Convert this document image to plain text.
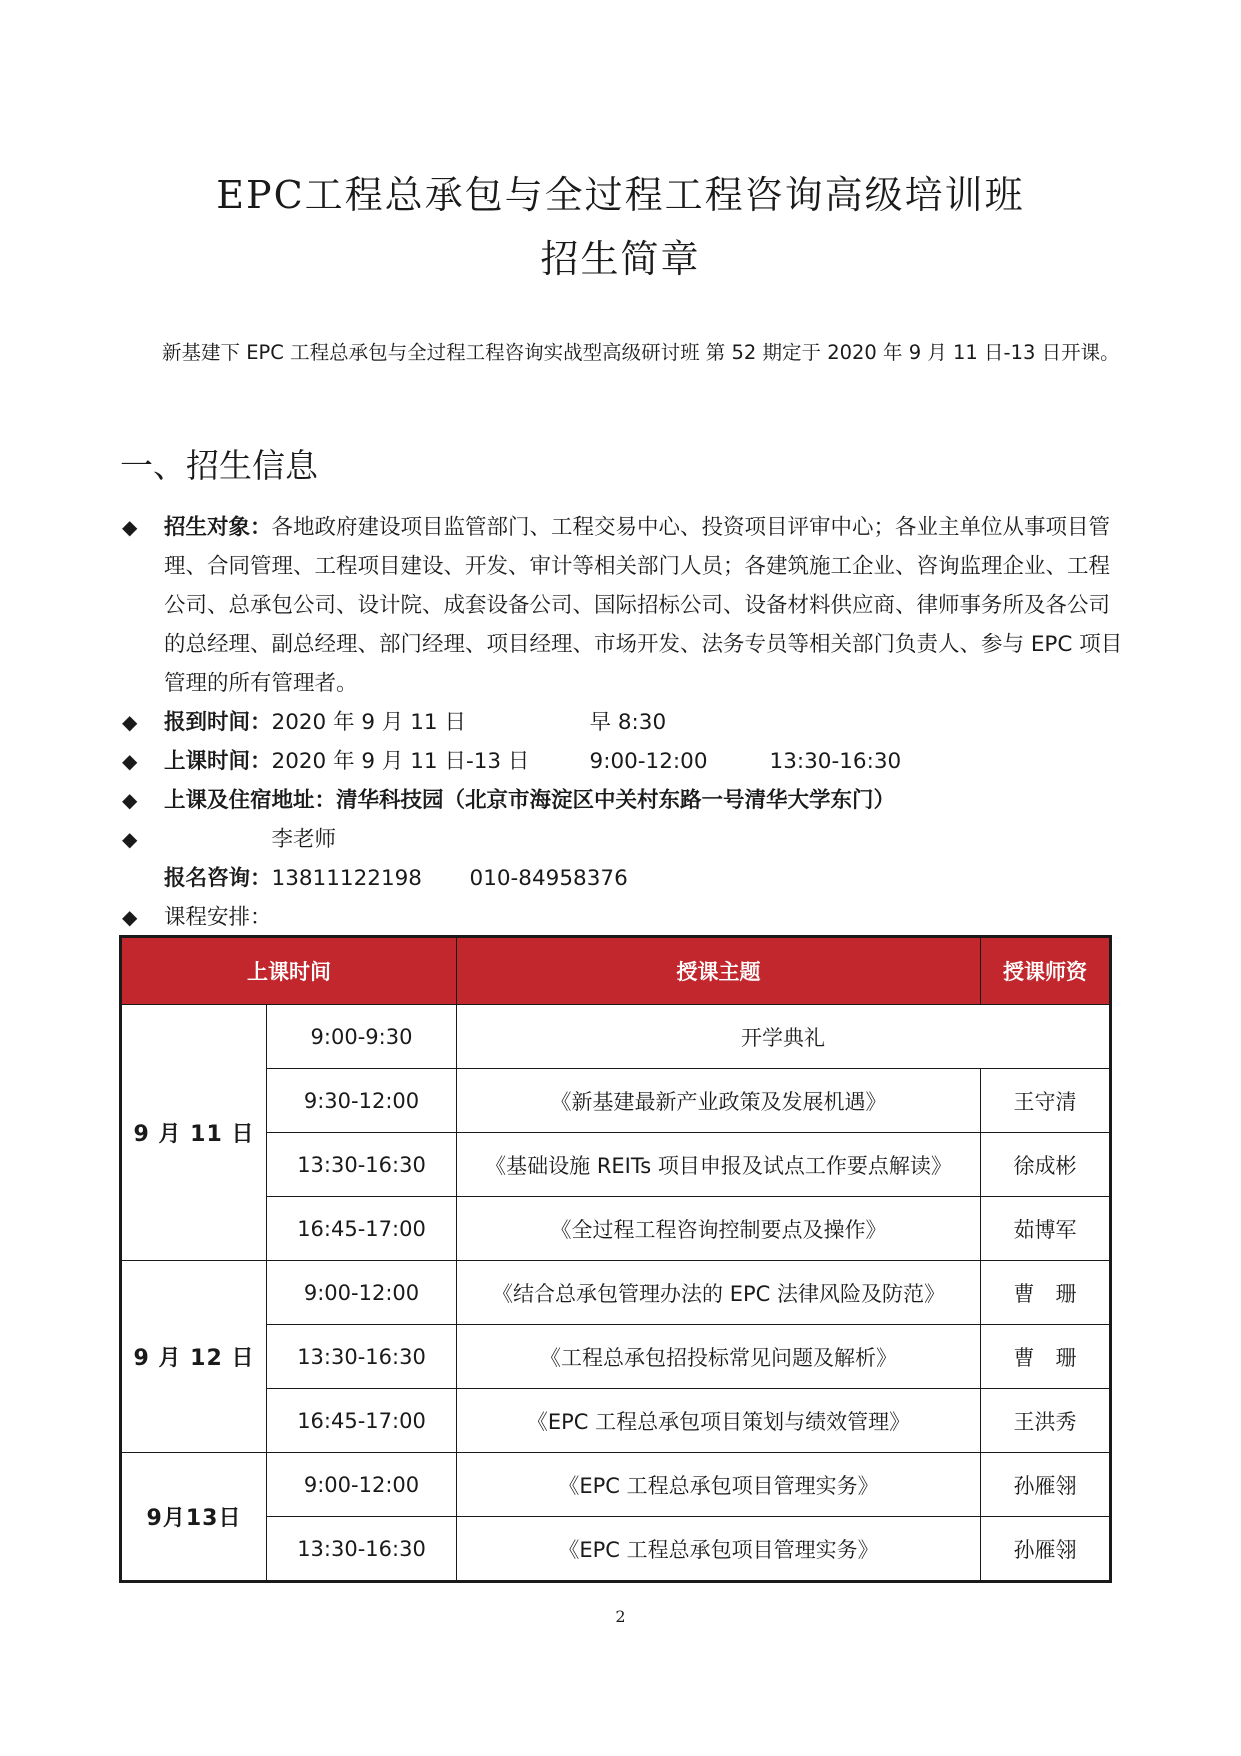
EPC工程总承包与全过程工程咨询高级培训班
招生简章
新基建下 EPC 工程总承包与全过程工程咨询实战型高级研讨班 第 52 期定于 2020 年 9 月 11 日-13 日开课。
一、招生信息
◆ 招生对象：各地政府建设项目监管部门、工程交易中心、投资项目评审中心；各业主单位从事项目管理、合同管理、工程项目建设、开发、审计等相关部门人员；各建筑施工企业、咨询监理企业、工程公司、总承包公司、设计院、成套设备公司、国际招标公司、设备材料供应商、律师事务所及各公司的总经理、副总经理、部门经理、项目经理、市场开发、法务专员等相关部门负责人、参与 EPC 项目管理的所有管理者。
◆ 报到时间：2020 年 9 月 11 日	早 8:30
◆ 上课时间：2020 年 9 月 11 日-13 日	9:00-12:00	13:30-16:30
◆ 上课及住宿地址：清华科技园（北京市海淀区中关村东路一号清华大学东门）
◆
报名咨询：李老师 13811122198 010-84958376
◆ 课程安排：
上课时间		授课主题	授课师资
9 月 11 日	9:00-9:30	开学典礼	
	9:30-12:00	《新基建最新产业政策及发展机遇》	王守清
	13:30-16:30	《基础设施 REITs 项目申报及试点工作要点解读》	徐成彬
	16:45-17:00	《全过程工程咨询控制要点及操作》	茹博军
9 月 12 日	9:00-12:00	《结合总承包管理办法的 EPC 法律风险及防范》	曹　珊
	13:30-16:30	《工程总承包招投标常见问题及解析》	曹　珊
	16:45-17:00	《EPC 工程总承包项目策划与绩效管理》	王洪秀
9月13日	9:00-12:00	《EPC 工程总承包项目管理实务》	孙雁翎
	13:30-16:30	《EPC 工程总承包项目管理实务》	孙雁翎
2
